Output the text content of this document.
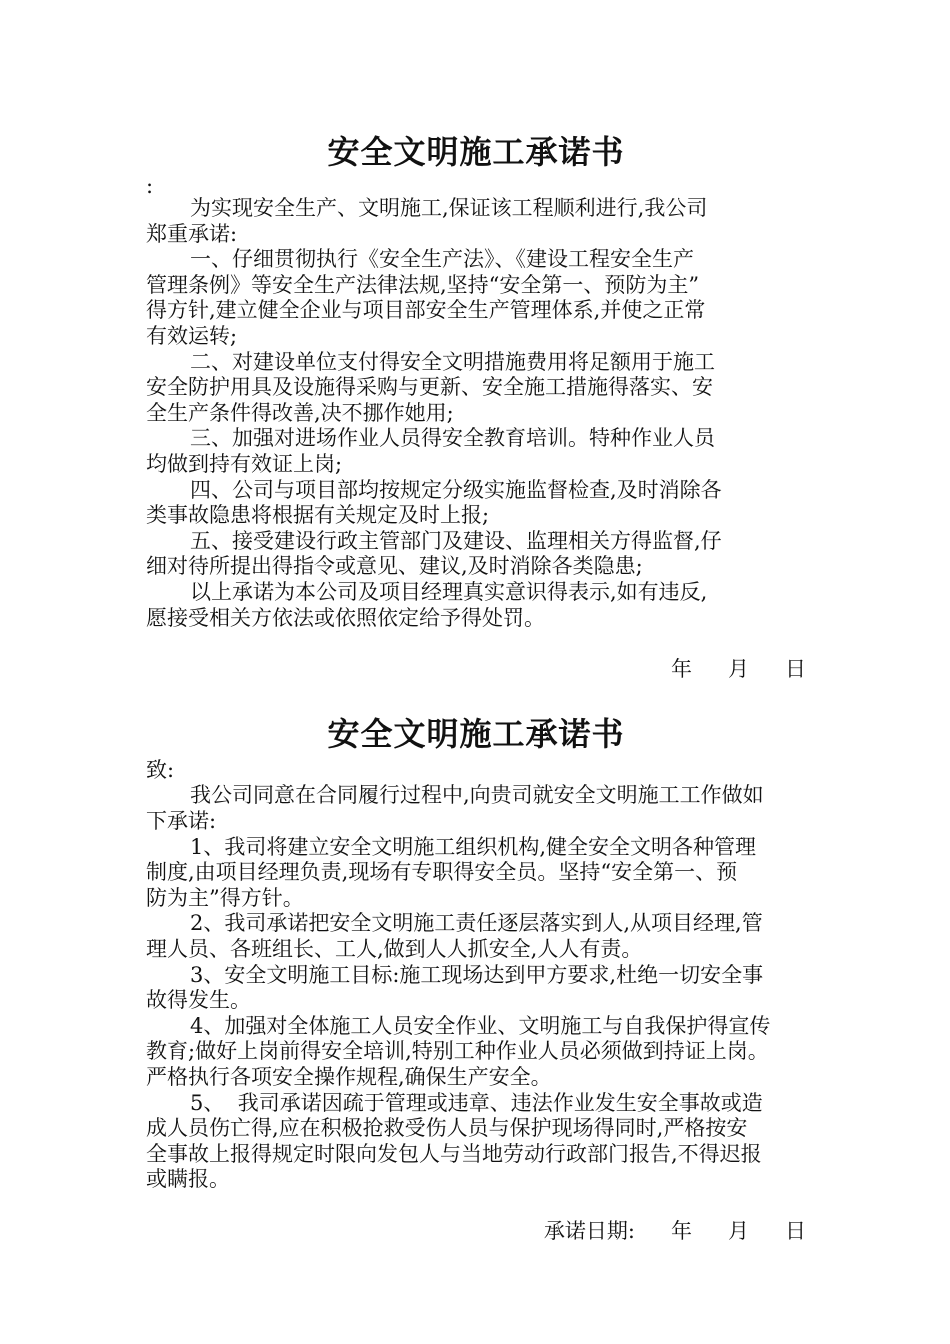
安全文明施工承诺书

:

为实现安全生产、文明施工,保证该工程顺利进行,我公司

郑重承诺:

一、仔细贯彻执行《安全生产法》、《建设工程安全生产

管理条例》等安全生产法律法规,坚持“安全第一、预防为主”

得方针,建立健全企业与项目部安全生产管理体系,并使之正常

有效运转;

二、对建设单位支付得安全文明措施费用将足额用于施工

安全防护用具及设施得采购与更新、安全施工措施得落实、安

全生产条件得改善,决不挪作她用;

三、加强对进场作业人员得安全教育培训。特种作业人员

均做到持有效证上岗;

四、公司与项目部均按规定分级实施监督检查,及时消除各

类事故隐患将根据有关规定及时上报;

五、接受建设行政主管部门及建设、监理相关方得监督,仔

细对待所提出得指令或意见、建议,及时消除各类隐患;

以上承诺为本公司及项目经理真实意识得表示,如有违反,

愿接受相关方依法或依照依定给予得处罚。

年 月 日

安全文明施工承诺书

致:

我公司同意在合同履行过程中,向贵司就安全文明施工工作做如

下承诺:

1、我司将建立安全文明施工组织机构,健全安全文明各种管理

制度,由项目经理负责,现场有专职得安全员。坚持“安全第一、预

防为主”得方针。

2、我司承诺把安全文明施工责任逐层落实到人,从项目经理,管

理人员、各班组长、工人,做到人人抓安全,人人有责。

3、安全文明施工目标:施工现场达到甲方要求,杜绝一切安全事

故得发生。

4、加强对全体施工人员安全作业、文明施工与自我保护得宣传

教育;做好上岗前得安全培训,特别工种作业人员必须做到持证上岗。

严格执行各项安全操作规程,确保生产安全。

5、  我司承诺因疏于管理或违章、违法作业发生安全事故或造

成人员伤亡得,应在积极抢救受伤人员与保护现场得同时,严格按安

全事故上报得规定时限向发包人与当地劳动行政部门报告,不得迟报

或瞒报。

承诺日期: 年 月 日
